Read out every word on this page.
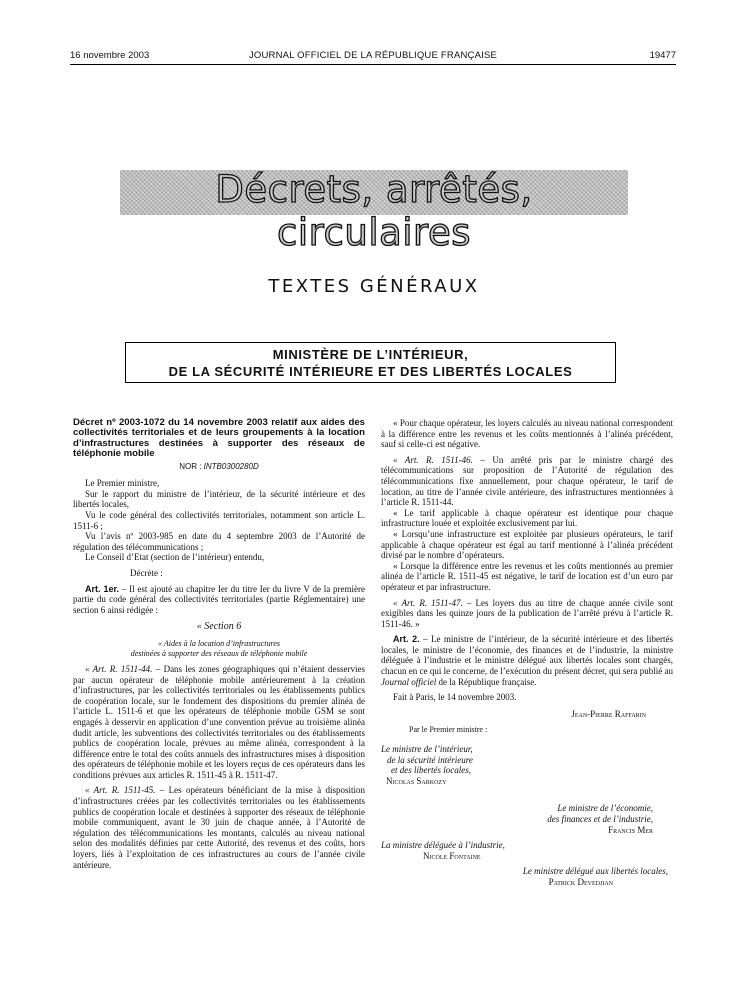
16 novembre 2003	JOURNAL OFFICIEL DE LA RÉPUBLIQUE FRANÇAISE	19477
Décrets, arrêtés, circulaires
TEXTES GÉNÉRAUX
MINISTÈRE DE L’INTÉRIEUR,
DE LA SÉCURITÉ INTÉRIEURE ET DES LIBERTÉS LOCALES

Décret nº 2003-1072 du 14 novembre 2003 relatif aux aides des collectivités territoriales et de leurs groupements à la location d’infrastructures destinées à supporter des réseaux de téléphonie mobile

NOR : INTB0300280D

Le Premier ministre,

Sur le rapport du ministre de l’intérieur, de la sécurité intérieure et des libertés locales,

Vu le code général des collectivités territoriales, notamment son article L. 1511-6 ;

Vu l’avis nº 2003-985 en date du 4 septembre 2003 de l’Autorité de régulation des télécommunications ;

Le Conseil d’Etat (section de l’intérieur) entendu,

Décrète :

Art. 1er. – Il est ajouté au chapitre Ier du titre Ier du livre V de la première partie du code général des collectivités territoriales (partie Réglementaire) une section 6 ainsi rédigée :

« Section 6

« Aides à la location d’infrastructures

destinées à supporter des réseaux de téléphonie mobile

« Art. R. 1511-44. – Dans les zones géographiques qui n’étaient desservies par aucun opérateur de téléphonie mobile antérieurement à la création d’infrastructures, par les collectivités territoriales ou les établissements publics de coopération locale, sur le fondement des dispositions du premier alinéa de l’article L. 1511-6 et que les opérateurs de téléphonie mobile GSM se sont engagés à desservir en application d’une convention prévue au troisième alinéa dudit article, les subventions des collectivités territoriales ou des établissements publics de coopération locale, prévues au même alinéa, correspondent à la différence entre le total des coûts annuels des infrastructures mises à disposition des opérateurs de téléphonie mobile et les loyers reçus de ces opérateurs dans les conditions prévues aux articles R. 1511-45 à R. 1511-47.

« Art. R. 1511-45. – Les opérateurs bénéficiant de la mise à disposition d’infrastructures créées par les collectivités territoriales ou les établissements publics de coopération locale et destinées à supporter des réseaux de téléphonie mobile communiquent, avant le 30 juin de chaque année, à l’Autorité de régulation des télécommunications les montants, calculés au niveau national selon des modalités définies par cette Autorité, des revenus et des coûts, hors loyers, liés à l’exploitation de ces infrastructures au cours de l’année civile antérieure.

« Pour chaque opérateur, les loyers calculés au niveau national correspondent à la différence entre les revenus et les coûts mentionnés à l’alinéa précédent, sauf si celle-ci est négative.

« Art. R. 1511-46. – Un arrêté pris par le ministre chargé des télécommunications sur proposition de l’Autorité de régulation des télécommunications fixe annuellement, pour chaque opérateur, le tarif de location, au titre de l’année civile antérieure, des infrastructures mentionnées à l’article R. 1511-44.

« Le tarif applicable à chaque opérateur est identique pour chaque infrastructure louée et exploitée exclusivement par lui.

« Lorsqu’une infrastructure est exploitée par plusieurs opérateurs, le tarif applicable à chaque opérateur est égal au tarif mentionné à l’alinéa précédent divisé par le nombre d’opérateurs.

« Lorsque la différence entre les revenus et les coûts mentionnés au premier alinéa de l’article R. 1511-45 est négative, le tarif de location est d’un euro par opérateur et par infrastructure.

« Art. R. 1511-47. – Les loyers dus au titre de chaque année civile sont exigibles dans les quinze jours de la publication de l’arrêté prévu à l’article R. 1511-46. »

Art. 2. – Le ministre de l’intérieur, de la sécurité intérieure et des libertés locales, le ministre de l’économie, des finances et de l’industrie, la ministre déléguée à l’industrie et le ministre délégué aux libertés locales sont chargés, chacun en ce qui le concerne, de l’exécution du présent décret, qui sera publié au Journal officiel de la République française.

Fait à Paris, le 14 novembre 2003.

Jean-Pierre Raffarin

Par le Premier ministre :

Le ministre de l’intérieur,

de la sécurité intérieure

et des libertés locales,

Nicolas Sarkozy

Le ministre de l’économie,

des finances et de l’industrie,

Francis Mer

La ministre déléguée à l’industrie,

Nicole Fontaine

Le ministre délégué aux libertés locales,

Patrick Devedjian
